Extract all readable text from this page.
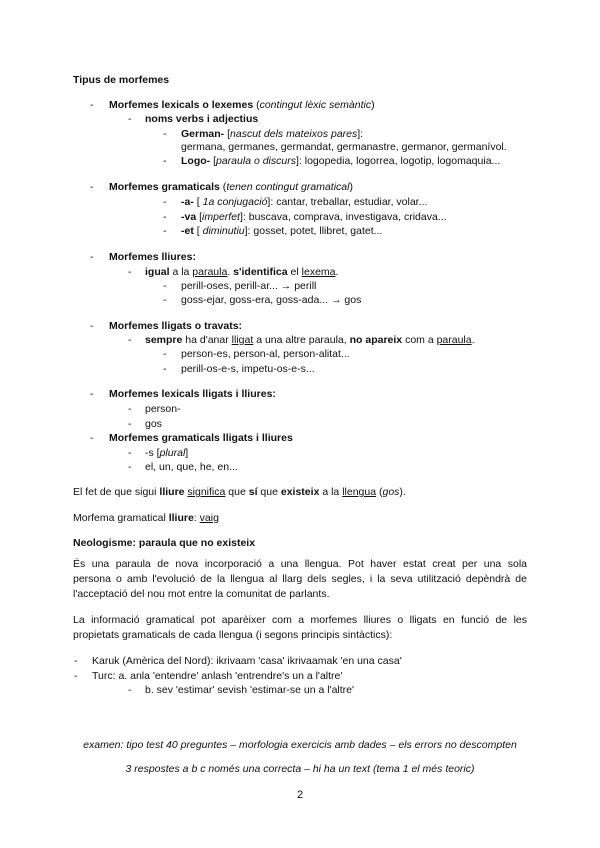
Tipus de morfemes
- Morfemes lexicals o lexemes (contingut lèxic semàntic)
- noms verbs i adjectius
- German- [nascut dels mateixos pares]:
germana, germanes, germandat, germanastre, germanor, germanívol.
- Logo- [paraula o discurs]: logopedia, logorrea, logotip, logomaquia...
- Morfemes gramaticals (tenen contingut gramatical)
- -a- [ 1a conjugació]: cantar, treballar, estudiar, volar...
- -va [imperfet]: buscava, comprava, investigava, cridava...
- -et [ diminutiu]: gosset, potet, llibret, gatet...
- Morfemes lliures:
- igual a la paraula. s'identifica el lexema.
- perill-oses, perill-ar... → perill
- goss-ejar, goss-era, goss-ada... → gos
- Morfemes lligats o travats:
- sempre ha d'anar lligat a una altre paraula, no apareix com a paraula.
- person-es, person-al, person-alitat...
- perill-os-e-s, impetu-os-e-s...
- Morfemes lexicals lligats i lliures:
- person-
- gos
- Morfemes gramaticals lligats i lliures
- -s [plural]
- el, un, que, he, en...
El fet de que sigui lliure significa que sí que existeix a la llengua (gos).
Morfema gramatical lliure: vaig
Neologisme: paraula que no existeix
És una paraula de nova incorporació a una llengua. Pot haver estat creat per una sola
persona o amb l'evolució de la llengua al llarg dels segles, i la seva utilització depèndrà de
l'acceptació del nou mot entre la comunitat de parlants.
La informació gramatical pot aparèixer com a morfemes lliures o lligats en funció de les
propietats gramaticals de cada llengua (i segons principis sintàctics):
- Karuk (Amèrica del Nord): ikrivaam 'casa' ikrivaamak 'en una casa'
- Turc: a. anla 'entendre' anlash 'entrendre's un a l'altre'
- b. sev 'estimar' sevish 'estimar-se un a l'altre'
examen: tipo test 40 preguntes – morfologia exercicis amb dades – els errors no descompten
3 respostes a b c només una correcta – hi ha un text (tema 1 el més teoric)
2
